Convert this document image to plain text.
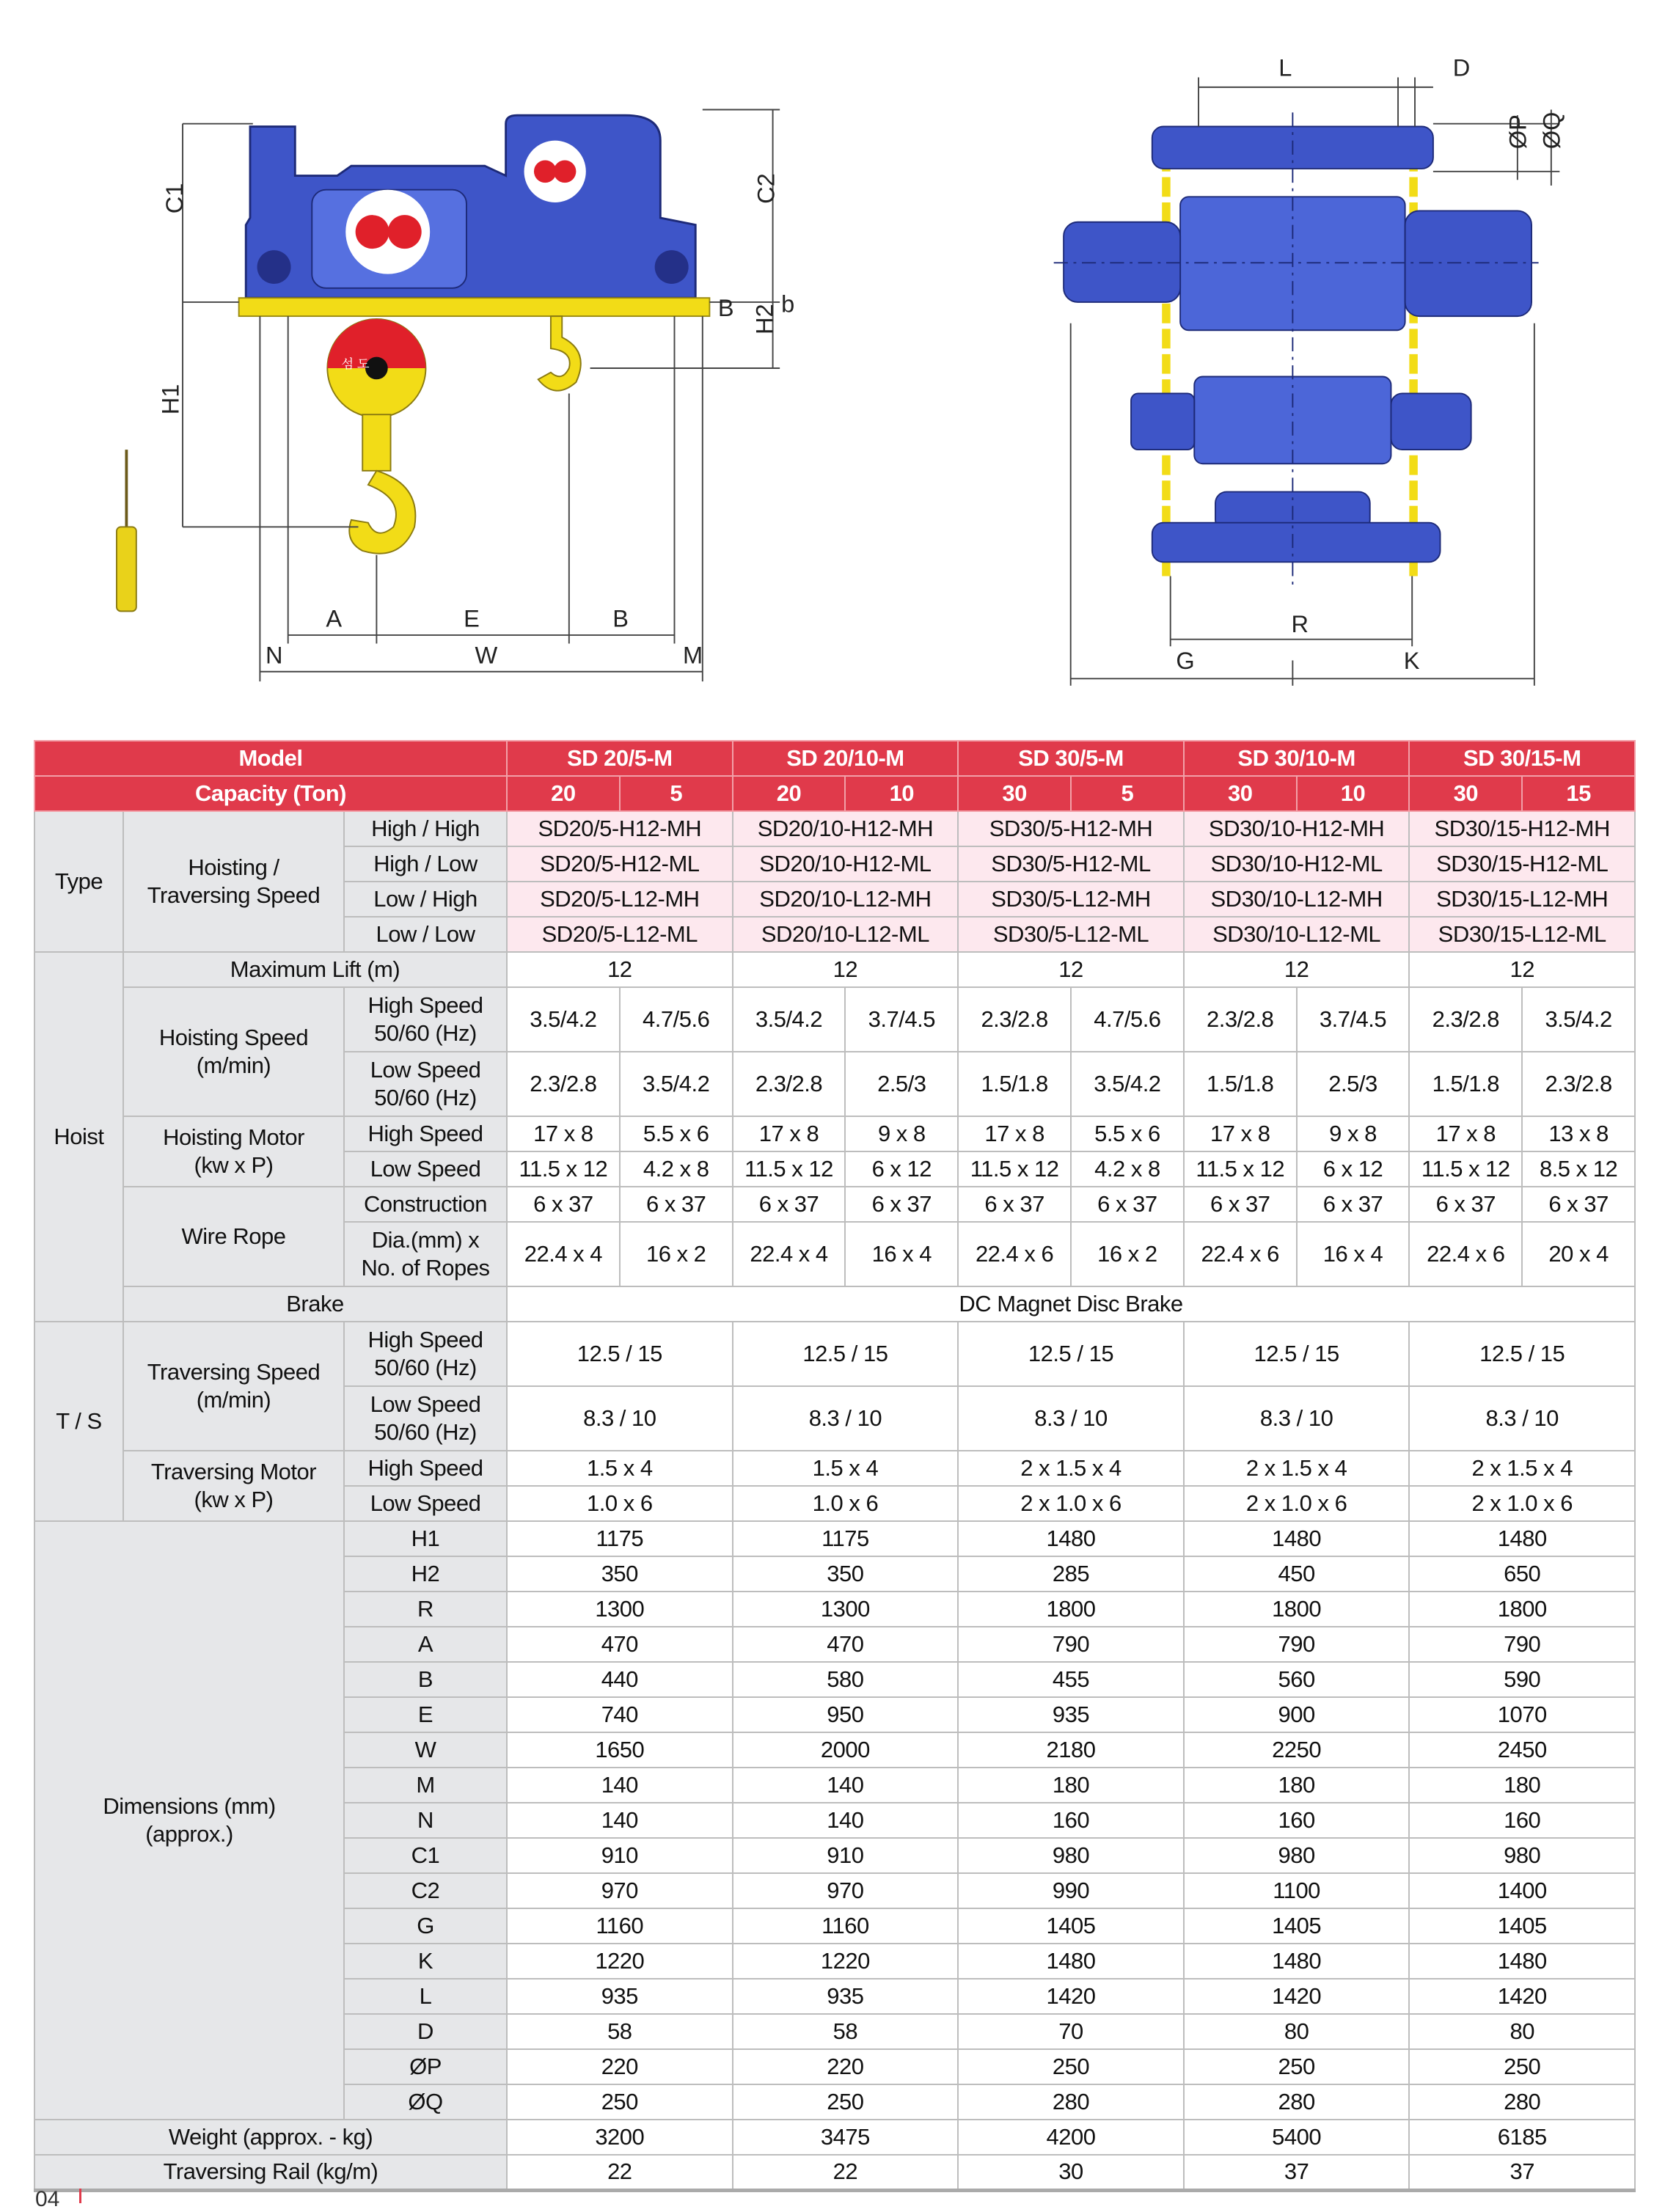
섬 도
C1
H1
C2
H2
B	b
A	E	B
N	W	M
L	D
ØP ØQ
R
G	K
Model			SD 20/5-M		SD 20/10-M		SD 30/5-M		SD 30/10-M		SD 30/15-M	
Capacity (Ton)			20	5	20	10	30	5	30	10	30	15
Type	Hoisting /
Traversing Speed	High / High	SD20/5-H12-MH		SD20/10-H12-MH		SD30/5-H12-MH		SD30/10-H12-MH		SD30/15-H12-MH	
		High / Low	SD20/5-H12-ML		SD20/10-H12-ML		SD30/5-H12-ML		SD30/10-H12-ML		SD30/15-H12-ML	
		Low / High	SD20/5-L12-MH		SD20/10-L12-MH		SD30/5-L12-MH		SD30/10-L12-MH		SD30/15-L12-MH	
		Low / Low	SD20/5-L12-ML		SD20/10-L12-ML		SD30/5-L12-ML		SD30/10-L12-ML		SD30/15-L12-ML	
Hoist	Maximum Lift (m)		12		12		12		12		12	
	Hoisting Speed
(m/min)	High Speed
50/60 (Hz)	3.5/4.2	4.7/5.6	3.5/4.2	3.7/4.5	2.3/2.8	4.7/5.6	2.3/2.8	3.7/4.5	2.3/2.8	3.5/4.2
		Low Speed
50/60 (Hz)	2.3/2.8	3.5/4.2	2.3/2.8	2.5/3	1.5/1.8	3.5/4.2	1.5/1.8	2.5/3	1.5/1.8	2.3/2.8
	Hoisting Motor
(kw x P)	High Speed	17 x 8	5.5 x 6	17 x 8	9 x 8	17 x 8	5.5 x 6	17 x 8	9 x 8	17 x 8	13 x 8
		Low Speed	11.5 x 12	4.2 x 8	11.5 x 12	6 x 12	11.5 x 12	4.2 x 8	11.5 x 12	6 x 12	11.5 x 12	8.5 x 12
	Wire Rope	Construction	6 x 37	6 x 37	6 x 37	6 x 37	6 x 37	6 x 37	6 x 37	6 x 37	6 x 37	6 x 37
		Dia.(mm) x
No. of Ropes	22.4 x 4	16 x 2	22.4 x 4	16 x 4	22.4 x 6	16 x 2	22.4 x 6	16 x 4	22.4 x 6	20 x 4
	Brake		DC Magnet Disc Brake									
T / S	Traversing Speed
(m/min)	High Speed
50/60 (Hz)	12.5 / 15		12.5 / 15		12.5 / 15		12.5 / 15		12.5 / 15	
		Low Speed
50/60 (Hz)	8.3 / 10		8.3 / 10		8.3 / 10		8.3 / 10		8.3 / 10	
	Traversing Motor
(kw x P)	High Speed	1.5 x 4		1.5 x 4		2 x 1.5 x 4		2 x 1.5 x 4		2 x 1.5 x 4	
		Low Speed	1.0 x 6		1.0 x 6		2 x 1.0 x 6		2 x 1.0 x 6		2 x 1.0 x 6	
Dimensions (mm)
(approx.)		H1	1175		1175		1480		1480		1480	
		H2	350		350		285		450		650	
		R	1300		1300		1800		1800		1800	
		A	470		470		790		790		790	
		B	440		580		455		560		590	
		E	740		950		935		900		1070	
		W	1650		2000		2180		2250		2450	
		M	140		140		180		180		180	
		N	140		140		160		160		160	
		C1	910		910		980		980		980	
		C2	970		970		990		1100		1400	
		G	1160		1160		1405		1405		1405	
		K	1220		1220		1480		1480		1480	
		L	935		935		1420		1420		1420	
		D	58		58		70		80		80	
		ØP	220		220		250		250		250	
		ØQ	250		250		280		280		280	
Weight (approx. - kg)			3200		3475		4200		5400		6185	
Traversing Rail (kg/m)			22		22		30		37		37	
04
